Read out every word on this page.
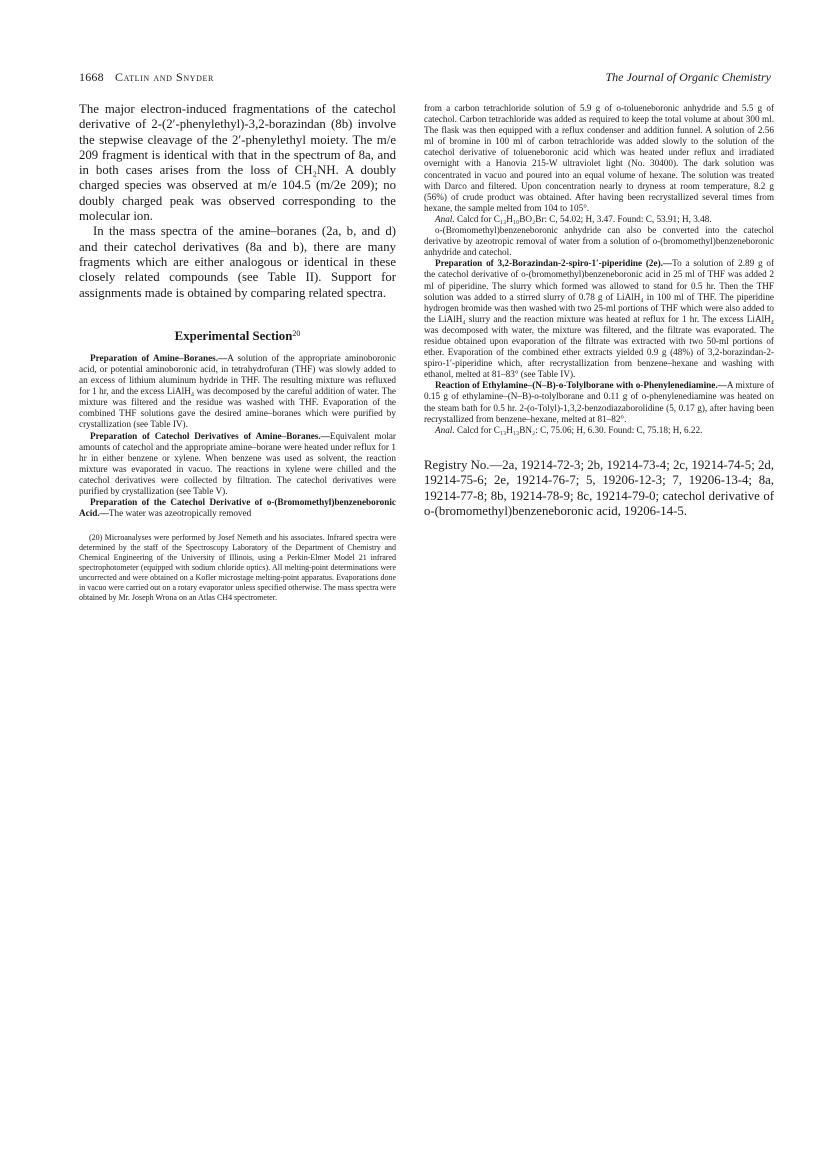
1668 Catlin and Snyder	The Journal of Organic Chemistry

The major electron-induced fragmentations of the catechol derivative of 2-(2′-phenylethyl)-3,2-borazindan (8b) involve the stepwise cleavage of the 2′-phenylethyl moiety. The m/e 209 fragment is identical with that in the spectrum of 8a, and in both cases arises from the loss of CH₂NH. A doubly charged species was observed at m/e 104.5 (m/2e 209); no doubly charged peak was observed corresponding to the molecular ion.

In the mass spectra of the amine–boranes (2a, b, and d) and their catechol derivatives (8a and b), there are many fragments which are either analogous or identical in these closely related compounds (see Table II). Support for assignments made is obtained by comparing related spectra.

Experimental Section$^{20}$

Preparation of Amine–Boranes.—A solution of the appropriate aminoboronic acid, or potential aminoboronic acid, in tetrahydrofuran (THF) was slowly added to an excess of lithium aluminum hydride in THF. The resulting mixture was refluxed for 1 hr, and the excess LiAlH₄ was decomposed by the careful addition of water. The mixture was filtered and the residue was washed with THF. Evaporation of the combined THF solutions gave the desired amine–boranes which were purified by crystallization (see Table IV).

Preparation of Catechol Derivatives of Amine–Boranes.—Equivalent molar amounts of catechol and the appropriate amine–borane were heated under reflux for 1 hr in either benzene or xylene. When benzene was used as solvent, the reaction mixture was evaporated in vacuo. The reactions in xylene were chilled and the catechol derivatives were collected by filtration. The catechol derivatives were purified by crystallization (see Table V).

Preparation of the Catechol Derivative of o-(Bromomethyl)benzeneboronic Acid.—The water was azeotropically removed

(20) Microanalyses were performed by Josef Nemeth and his associates. Infrared spectra were determined by the staff of the Spectroscopy Laboratory of the Department of Chemistry and Chemical Engineering of the University of Illinois, using a Perkin-Elmer Model 21 infrared spectrophotometer (equipped with sodium chloride optics). All melting-point determinations were uncorrected and were obtained on a Kofler microstage melting-point apparatus. Evaporations done in vacuo were carried out on a rotary evaporator unless specified otherwise. The mass spectra were obtained by Mr. Joseph Wrona on an Atlas CH4 spectrometer.

from a carbon tetrachloride solution of 5.9 g of o-tolueneboronic anhydride and 5.5 g of catechol. Carbon tetrachloride was added as required to keep the total volume at about 300 ml. The flask was then equipped with a reflux condenser and addition funnel. A solution of 2.56 ml of bromine in 100 ml of carbon tetrachloride was added slowly to the solution of the catechol derivative of tolueneboronic acid which was heated under reflux and irradiated overnight with a Hanovia 215-W ultraviolet light (No. 30400). The dark solution was concentrated in vacuo and poured into an equal volume of hexane. The solution was treated with Darco and filtered. Upon concentration nearly to dryness at room temperature, 8.2 g (56%) of crude product was obtained. After having been recrystallized several times from hexane, the sample melted from 104 to 105°.

Anal. Calcd for C₁₃H₁₀BO₂Br: C, 54.02; H, 3.47. Found: C, 53.91; H, 3.48.

o-(Bromomethyl)benzeneboronic anhydride can also be converted into the catechol derivative by azeotropic removal of water from a solution of o-(bromomethyl)benzeneboronic anhydride and catechol.

Preparation of 3,2-Borazindan-2-spiro-1′-piperidine (2e).—To a solution of 2.89 g of the catechol derivative of o-(bromomethyl)benzeneboronic acid in 25 ml of THF was added 2 ml of piperidine. The slurry which formed was allowed to stand for 0.5 hr. Then the THF solution was added to a stirred slurry of 0.78 g of LiAlH₄ in 100 ml of THF. The piperidine hydrogen bromide was then washed with two 25-ml portions of THF which were also added to the LiAlH₄ slurry and the reaction mixture was heated at reflux for 1 hr. The excess LiAlH₄ was decomposed with water, the mixture was filtered, and the filtrate was evaporated. The residue obtained upon evaporation of the filtrate was extracted with two 50-ml portions of ether. Evaporation of the combined ether extracts yielded 0.9 g (48%) of 3,2-borazindan-2-spiro-1′-piperidine which, after recrystallization from benzene–hexane and washing with ethanol, melted at 81–83° (see Table IV).

Reaction of Ethylamine–(N–B)-o-Tolylborane with o-Phenylenediamine.—A mixture of 0.15 g of ethylamine–(N–B)-o-tolylborane and 0.11 g of o-phenylenediamine was heated on the steam bath for 0.5 hr. 2-(o-Tolyl)-1,3,2-benzodiazaborolidine (5, 0.17 g), after having been recrystallized from benzene–hexane, melted at 81–82°.

Anal. Calcd for C₁₃H₁₃BN₂: C, 75.06; H, 6.30. Found: C, 75.18; H, 6.22.

Registry No.—2a, 19214-72-3; 2b, 19214-73-4; 2c, 19214-74-5; 2d, 19214-75-6; 2e, 19214-76-7; 5, 19206-12-3; 7, 19206-13-4; 8a, 19214-77-8; 8b, 19214-78-9; 8c, 19214-79-0; catechol derivative of o-(bromomethyl)benzeneboronic acid, 19206-14-5.
